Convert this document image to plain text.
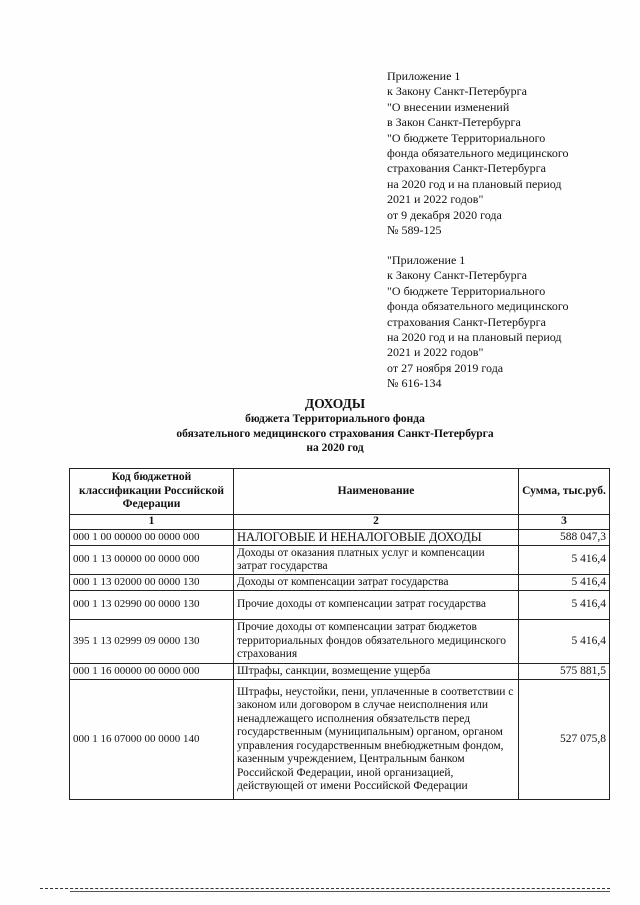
Приложение 1
к Закону Санкт-Петербурга
"О внесении изменений
в Закон Санкт-Петербурга
"О бюджете Территориального
фонда обязательного медицинского
страхования Санкт-Петербурга
на 2020 год и на плановый период
2021 и 2022 годов"
от 9 декабря 2020 года
№ 589-125
"Приложение 1
к Закону Санкт-Петербурга
"О бюджете Территориального
фонда обязательного медицинского
страхования Санкт-Петербурга
на 2020 год и на плановый период
2021 и 2022 годов"
от 27 ноября 2019 года
№ 616-134
ДОХОДЫ
бюджета Территориального фонда
обязательного медицинского страхования Санкт-Петербурга
на 2020 год
Код бюджетной классификации Российской Федерации	Наименование	Сумма, тыс.руб.
1	2	3
000 1 00 00000 00 0000 000	НАЛОГОВЫЕ И НЕНАЛОГОВЫЕ ДОХОДЫ	588 047,3
000 1 13 00000 00 0000 000	Доходы от оказания платных услуг и компенсации затрат государства	5 416,4
000 1 13 02000 00 0000 130	Доходы от компенсации затрат государства	5 416,4
000 1 13 02990 00 0000 130	Прочие доходы от компенсации затрат государства	5 416,4
395 1 13 02999 09 0000 130	Прочие доходы от компенсации затрат бюджетов территориальных фондов обязательного медицинского страхования	5 416,4
000 1 16 00000 00 0000 000	Штрафы, санкции, возмещение ущерба	575 881,5
000 1 16 07000 00 0000 140	Штрафы, неустойки, пени, уплаченные в соответствии с законом или договором в случае неисполнения или ненадлежащего исполнения обязательств перед государственным (муниципальным) органом, органом управления государственным внебюджетным фондом, казенным учреждением, Центральным банком Российской Федерации, иной организацией, действующей от имени Российской Федерации	527 075,8
